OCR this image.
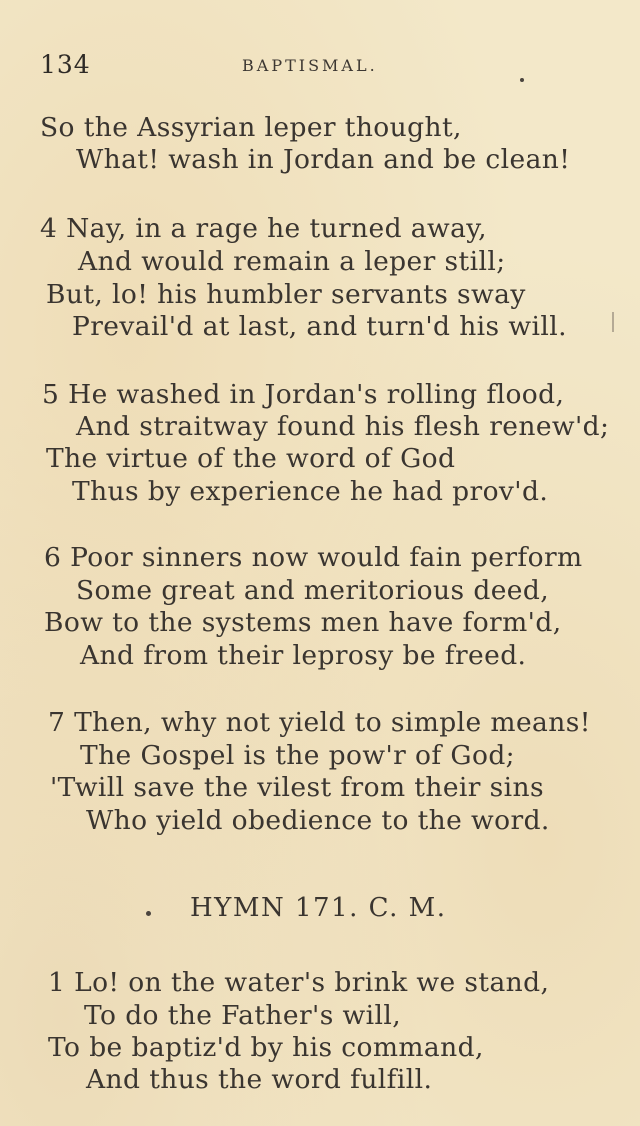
134	BAPTISMAL.
So the Assyrian leper thought,
What! wash in Jordan and be clean!
4 Nay, in a rage he turned away,
And would remain a leper still;
But, lo! his humbler servants sway
Prevail'd at last, and turn'd his will.
5 He washed in Jordan's rolling flood,
And straitway found his flesh renew'd;
The virtue of the word of God
Thus by experience he had prov'd.
6 Poor sinners now would fain perform
Some great and meritorious deed,
Bow to the systems men have form'd,
And from their leprosy be freed.
7 Then, why not yield to simple means!
The Gospel is the pow'r of God;
'Twill save the vilest from their sins
Who yield obedience to the word.
HYMN 171. C. M.
1 Lo! on the water's brink we stand,
To do the Father's will,
To be baptiz'd by his command,
And thus the word fulfill.
